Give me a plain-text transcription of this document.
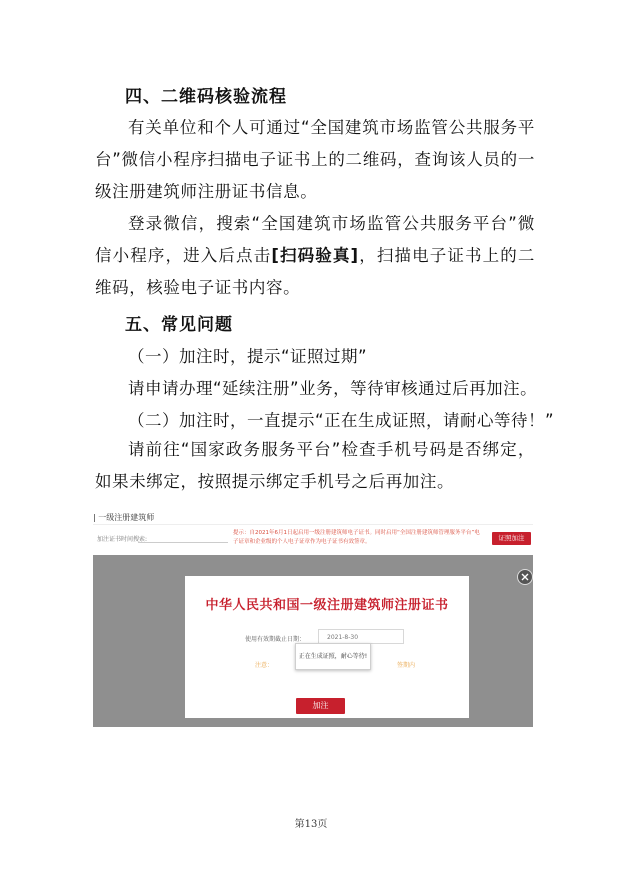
四、二维码核验流程

有关单位和个人可通过“全国建筑市场监管公共服务平台”微信小程序扫描电子证书上的二维码，查询该人员的一级注册建筑师注册证书信息。

登录微信，搜索“全国建筑市场监管公共服务平台”微信小程序，进入后点击[扫码验真]，扫描电子证书上的二维码，核验电子证书内容。

五、常见问题
（一）加注时，提示“证照过期”
请申请办理“延续注册”业务，等待审核通过后再加注。
（二）加注时，一直提示“正在生成证照，请耐心等待！”

请前往“国家政务服务平台”检查手机号码是否绑定，如果未绑定，按照提示绑定手机号之后再加注。

| 一级注册建筑师
加注证书时间搜索:
提示：自2021年6月1日起启用一级注册建筑师电子证书。同时启用“全国注册建筑师管理服务平台”电子证章和企业级的个人电子证章作为电子证书有效签章。	证照加注
中华人民共和国一级注册建筑师注册证书
使用有效期截止日期：	2021-8-30
注意：	签期内
正在生成证照，耐心等待!
加注
第13页
